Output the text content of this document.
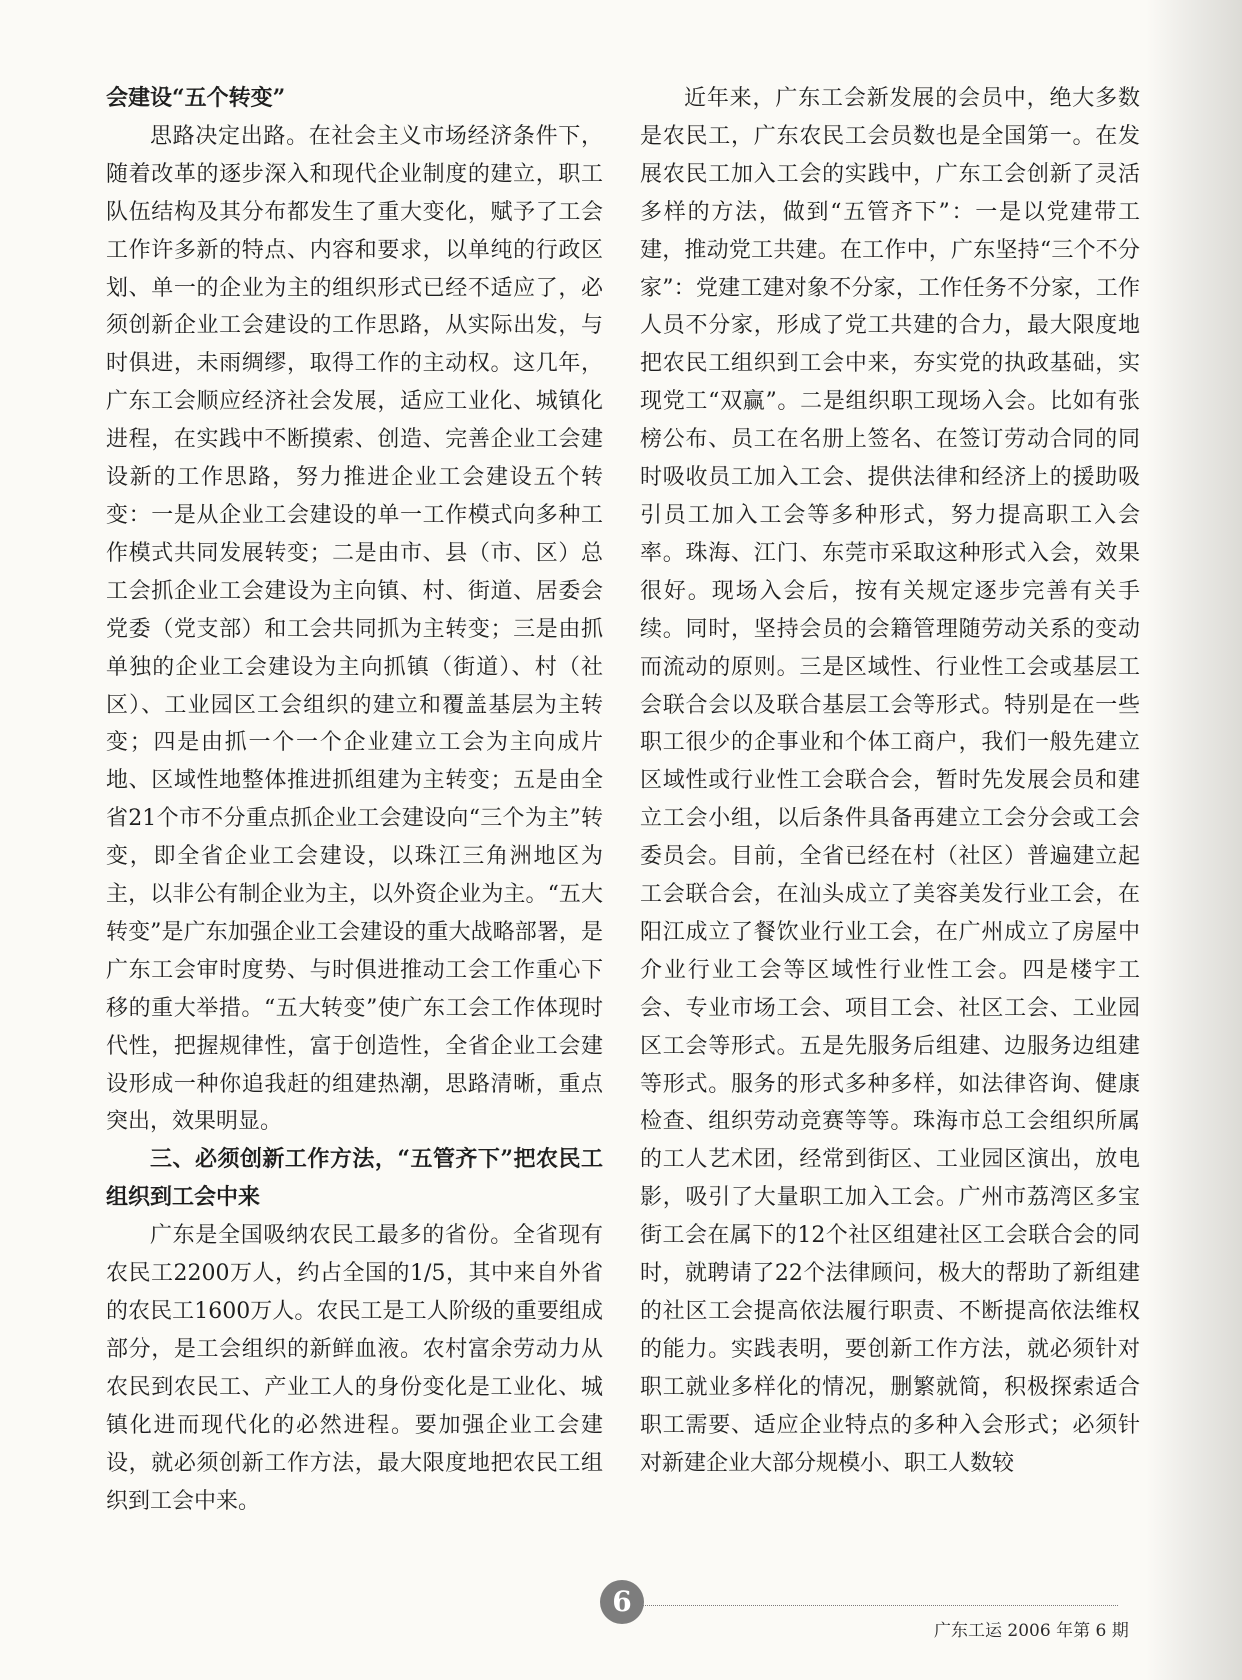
会建设“五个转变”

思路决定出路。在社会主义市场经济条件下，随着改革的逐步深入和现代企业制度的建立，职工队伍结构及其分布都发生了重大变化，赋予了工会工作许多新的特点、内容和要求，以单纯的行政区划、单一的企业为主的组织形式已经不适应了，必须创新企业工会建设的工作思路，从实际出发，与时俱进，未雨绸缪，取得工作的主动权。这几年，广东工会顺应经济社会发展，适应工业化、城镇化进程，在实践中不断摸索、创造、完善企业工会建设新的工作思路，努力推进企业工会建设五个转变：一是从企业工会建设的单一工作模式向多种工作模式共同发展转变；二是由市、县（市、区）总工会抓企业工会建设为主向镇、村、街道、居委会党委（党支部）和工会共同抓为主转变；三是由抓单独的企业工会建设为主向抓镇（街道）、村（社区）、工业园区工会组织的建立和覆盖基层为主转变；四是由抓一个一个企业建立工会为主向成片地、区域性地整体推进抓组建为主转变；五是由全省21个市不分重点抓企业工会建设向“三个为主”转变，即全省企业工会建设，以珠江三角洲地区为主，以非公有制企业为主，以外资企业为主。“五大转变”是广东加强企业工会建设的重大战略部署，是广东工会审时度势、与时俱进推动工会工作重心下移的重大举措。“五大转变”使广东工会工作体现时代性，把握规律性，富于创造性，全省企业工会建设形成一种你追我赶的组建热潮，思路清晰，重点突出，效果明显。

三、必须创新工作方法，“五管齐下”把农民工组织到工会中来

广东是全国吸纳农民工最多的省份。全省现有农民工2200万人，约占全国的1/5，其中来自外省的农民工1600万人。农民工是工人阶级的重要组成部分，是工会组织的新鲜血液。农村富余劳动力从农民到农民工、产业工人的身份变化是工业化、城镇化进而现代化的必然进程。要加强企业工会建设，就必须创新工作方法，最大限度地把农民工组织到工会中来。

近年来，广东工会新发展的会员中，绝大多数是农民工，广东农民工会员数也是全国第一。在发展农民工加入工会的实践中，广东工会创新了灵活多样的方法，做到“五管齐下”：一是以党建带工建，推动党工共建。在工作中，广东坚持“三个不分家”：党建工建对象不分家，工作任务不分家，工作人员不分家，形成了党工共建的合力，最大限度地把农民工组织到工会中来，夯实党的执政基础，实现党工“双赢”。二是组织职工现场入会。比如有张榜公布、员工在名册上签名、在签订劳动合同的同时吸收员工加入工会、提供法律和经济上的援助吸引员工加入工会等多种形式，努力提高职工入会率。珠海、江门、东莞市采取这种形式入会，效果很好。现场入会后，按有关规定逐步完善有关手续。同时，坚持会员的会籍管理随劳动关系的变动而流动的原则。三是区域性、行业性工会或基层工会联合会以及联合基层工会等形式。特别是在一些职工很少的企事业和个体工商户，我们一般先建立区域性或行业性工会联合会，暂时先发展会员和建立工会小组，以后条件具备再建立工会分会或工会委员会。目前，全省已经在村（社区）普遍建立起工会联合会，在汕头成立了美容美发行业工会，在阳江成立了餐饮业行业工会，在广州成立了房屋中介业行业工会等区域性行业性工会。四是楼宇工会、专业市场工会、项目工会、社区工会、工业园区工会等形式。五是先服务后组建、边服务边组建等形式。服务的形式多种多样，如法律咨询、健康检查、组织劳动竞赛等等。珠海市总工会组织所属的工人艺术团，经常到街区、工业园区演出，放电影，吸引了大量职工加入工会。广州市荔湾区多宝街工会在属下的12个社区组建社区工会联合会的同时，就聘请了22个法律顾问，极大的帮助了新组建的社区工会提高依法履行职责、不断提高依法维权的能力。实践表明，要创新工作方法，就必须针对职工就业多样化的情况，删繁就简，积极探索适合职工需要、适应企业特点的多种入会形式；必须针对新建企业大部分规模小、职工人数较

6
广东工运 2006 年第 6 期
